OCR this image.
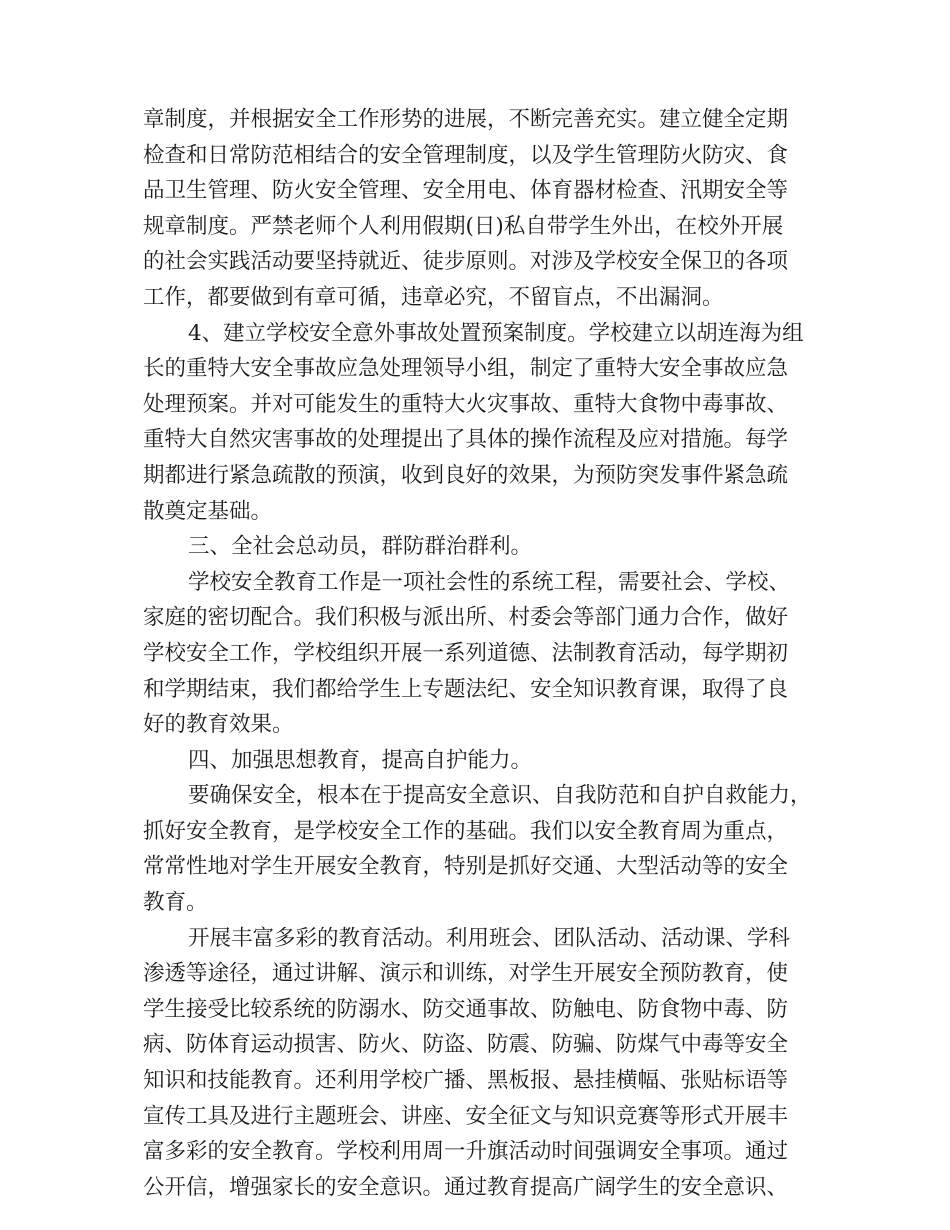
章制度，并根据安全工作形势的进展，不断完善充实。建立健全定期
检查和日常防范相结合的安全管理制度，以及学生管理防火防灾、食
品卫生管理、防火安全管理、安全用电、体育器材检查、汛期安全等
规章制度。严禁老师个人利用假期(日)私自带学生外出，在校外开展
的社会实践活动要坚持就近、徒步原则。对涉及学校安全保卫的各项
工作，都要做到有章可循，违章必究，不留盲点，不出漏洞。
4、建立学校安全意外事故处置预案制度。学校建立以胡连海为组
长的重特大安全事故应急处理领导小组，制定了重特大安全事故应急
处理预案。并对可能发生的重特大火灾事故、重特大食物中毒事故、
重特大自然灾害事故的处理提出了具体的操作流程及应对措施。每学
期都进行紧急疏散的预演，收到良好的效果，为预防突发事件紧急疏
散奠定基础。
三、全社会总动员，群防群治群利。
学校安全教育工作是一项社会性的系统工程，需要社会、学校、
家庭的密切配合。我们积极与派出所、村委会等部门通力合作，做好
学校安全工作，学校组织开展一系列道德、法制教育活动，每学期初
和学期结束，我们都给学生上专题法纪、安全知识教育课，取得了良
好的教育效果。
四、加强思想教育，提高自护能力。
要确保安全，根本在于提高安全意识、自我防范和自护自救能力，
抓好安全教育，是学校安全工作的基础。我们以安全教育周为重点，
常常性地对学生开展安全教育，特别是抓好交通、大型活动等的安全
教育。
开展丰富多彩的教育活动。利用班会、团队活动、活动课、学科
渗透等途径，通过讲解、演示和训练，对学生开展安全预防教育，使
学生接受比较系统的防溺水、防交通事故、防触电、防食物中毒、防
病、防体育运动损害、防火、防盗、防震、防骗、防煤气中毒等安全
知识和技能教育。还利用学校广播、黑板报、悬挂横幅、张贴标语等
宣传工具及进行主题班会、讲座、安全征文与知识竞赛等形式开展丰
富多彩的安全教育。学校利用周一升旗活动时间强调安全事项。通过
公开信，增强家长的安全意识。通过教育提高广阔学生的安全意识、
